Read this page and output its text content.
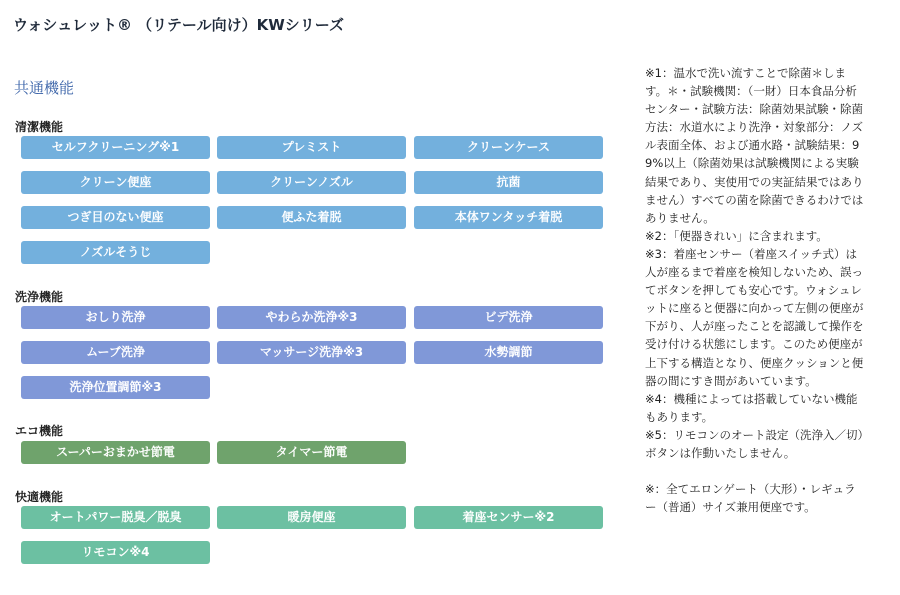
ウォシュレット® （リテール向け）KWシリーズ
共通機能
清潔機能
セルフクリーニング※1	プレミスト	クリーンケース
クリーン便座	クリーンノズル	抗菌
つぎ目のない便座	便ふた着脱	本体ワンタッチ着脱
ノズルそうじ
洗浄機能
おしり洗浄	やわらか洗浄※3	ビデ洗浄
ムーブ洗浄	マッサージ洗浄※3	水勢調節
洗浄位置調節※3
エコ機能
スーパーおまかせ節電	タイマー節電
快適機能
オートパワー脱臭／脱臭	暖房便座	着座センサー※2
リモコン※4

※1：温水で洗い流すことで除菌＊します。＊・試験機関：（一財）日本食品分析センター・試験方法：除菌効果試験・除菌方法：水道水により洗浄・対象部分：ノズル表面全体、および通水路・試験結果：99%以上（除菌効果は試験機関による実験結果であり、実使用での実証結果ではありません）すべての菌を除菌できるわけではありません。

※2：「便器きれい」に含まれます。

※3：着座センサー（着座スイッチ式）は人が座るまで着座を検知しないため、誤ってボタンを押しても安心です。ウォシュレットに座ると便器に向かって左側の便座が下がり、人が座ったことを認識して操作を受け付ける状態にします。このため便座が上下する構造となり、便座クッションと便器の間にすき間があいています。

※4：機種によっては搭載していない機能もあります。

※5：リモコンのオート設定（洗浄入／切）ボタンは作動いたしません。

※：全てエロンゲート（大形）・レギュラー（普通）サイズ兼用便座です。
